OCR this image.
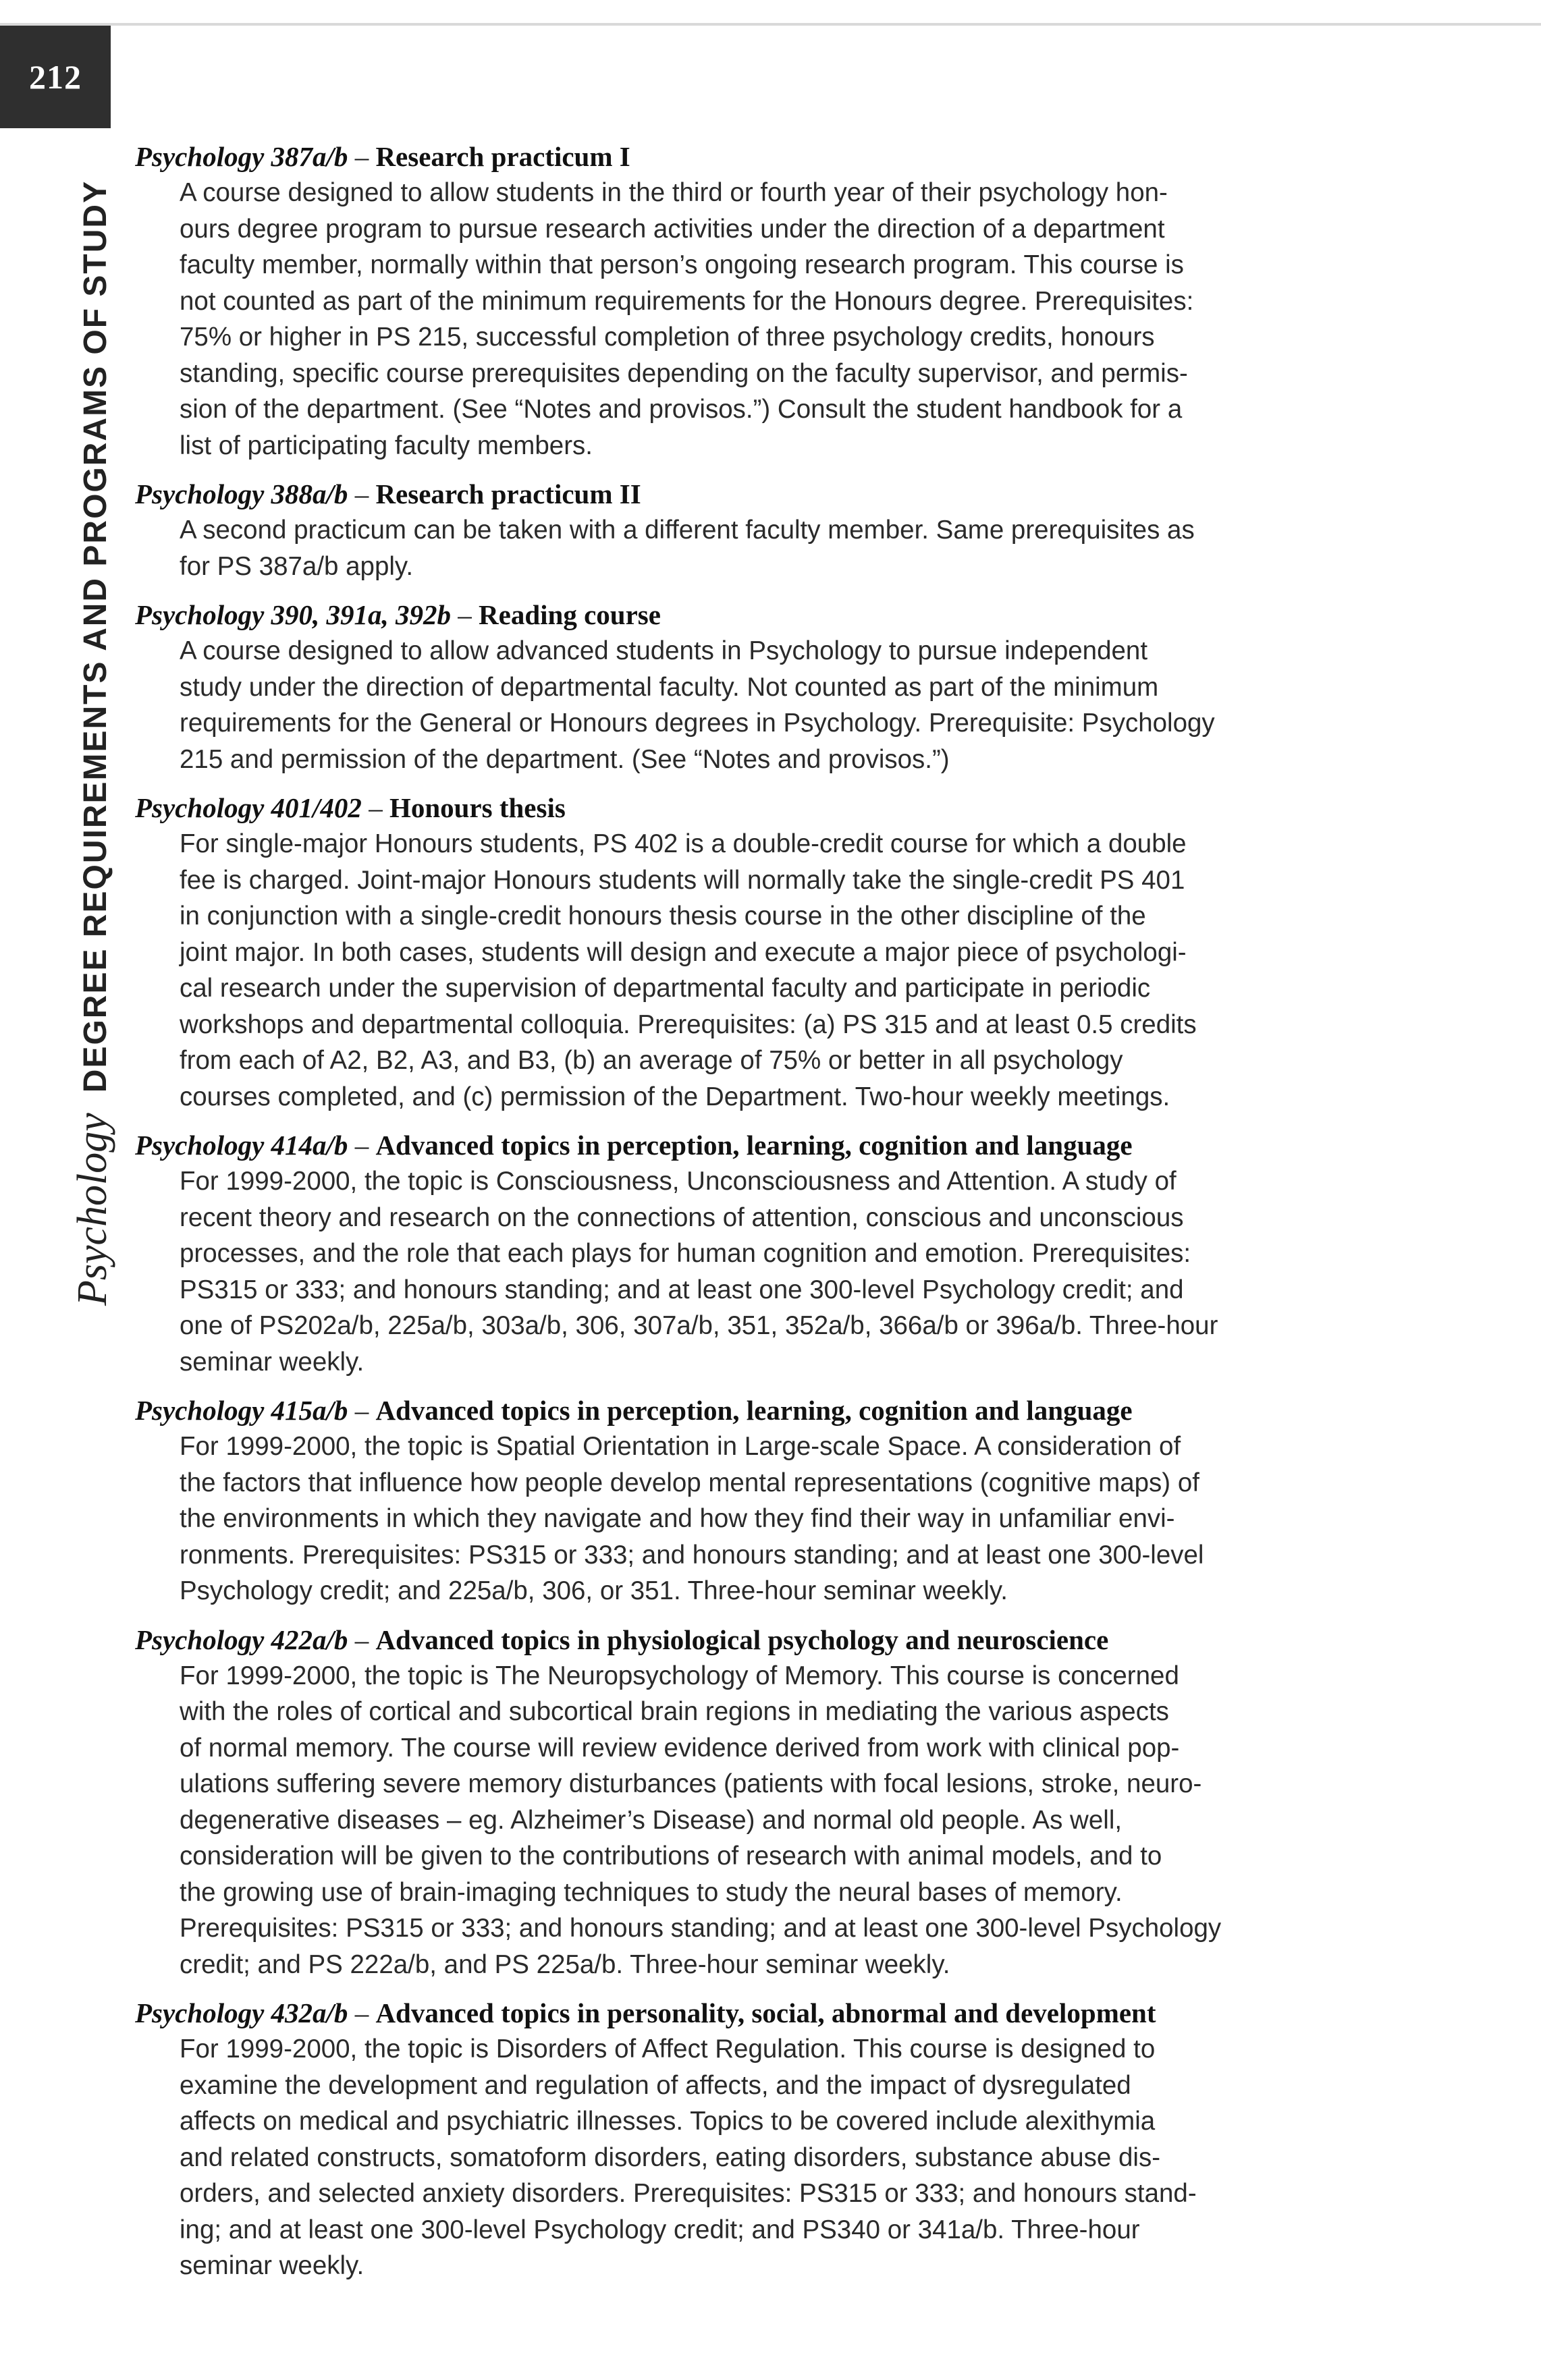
212
PsychologyDEGREE REQUIREMENTS AND PROGRAMS OF STUDY
Psychology 387a/b – Research practicum I
A course designed to allow students in the third or fourth year of their psychology hon-
ours degree program to pursue research activities under the direction of a department
faculty member, normally within that person’s ongoing research program. This course is
not counted as part of the minimum requirements for the Honours degree. Prerequisites:
75% or higher in PS 215, successful completion of three psychology credits, honours
standing, specific course prerequisites depending on the faculty supervisor, and permis-
sion of the department. (See “Notes and provisos.”) Consult the student handbook for a
list of participating faculty members.
Psychology 388a/b – Research practicum II
A second practicum can be taken with a different faculty member. Same prerequisites as
for PS 387a/b apply.
Psychology 390, 391a, 392b – Reading course
A course designed to allow advanced students in Psychology to pursue independent
study under the direction of departmental faculty. Not counted as part of the minimum
requirements for the General or Honours degrees in Psychology. Prerequisite: Psychology
215 and permission of the department. (See “Notes and provisos.”)
Psychology 401/402 – Honours thesis
For single-major Honours students, PS 402 is a double-credit course for which a double
fee is charged. Joint-major Honours students will normally take the single-credit PS 401
in conjunction with a single-credit honours thesis course in the other discipline of the
joint major. In both cases, students will design and execute a major piece of psychologi-
cal research under the supervision of departmental faculty and participate in periodic
workshops and departmental colloquia. Prerequisites: (a) PS 315 and at least 0.5 credits
from each of A2, B2, A3, and B3, (b) an average of 75% or better in all psychology
courses completed, and (c) permission of the Department. Two-hour weekly meetings.
Psychology 414a/b – Advanced topics in perception, learning, cognition and language
For 1999-2000, the topic is Consciousness, Unconsciousness and Attention. A study of
recent theory and research on the connections of attention, conscious and unconscious
processes, and the role that each plays for human cognition and emotion. Prerequisites:
PS315 or 333; and honours standing; and at least one 300-level Psychology credit; and
one of PS202a/b, 225a/b, 303a/b, 306, 307a/b, 351, 352a/b, 366a/b or 396a/b. Three-hour
seminar weekly.
Psychology 415a/b – Advanced topics in perception, learning, cognition and language
For 1999-2000, the topic is Spatial Orientation in Large-scale Space. A consideration of
the factors that influence how people develop mental representations (cognitive maps) of
the environments in which they navigate and how they find their way in unfamiliar envi-
ronments. Prerequisites: PS315 or 333; and honours standing; and at least one 300-level
Psychology credit; and 225a/b, 306, or 351. Three-hour seminar weekly.
Psychology 422a/b – Advanced topics in physiological psychology and neuroscience
For 1999-2000, the topic is The Neuropsychology of Memory. This course is concerned
with the roles of cortical and subcortical brain regions in mediating the various aspects
of normal memory. The course will review evidence derived from work with clinical pop-
ulations suffering severe memory disturbances (patients with focal lesions, stroke, neuro-
degenerative diseases – eg. Alzheimer’s Disease) and normal old people. As well,
consideration will be given to the contributions of research with animal models, and to
the growing use of brain-imaging techniques to study the neural bases of memory.
Prerequisites: PS315 or 333; and honours standing; and at least one 300-level Psychology
credit; and PS 222a/b, and PS 225a/b. Three-hour seminar weekly.
Psychology 432a/b – Advanced topics in personality, social, abnormal and development
For 1999-2000, the topic is Disorders of Affect Regulation. This course is designed to
examine the development and regulation of affects, and the impact of dysregulated
affects on medical and psychiatric illnesses. Topics to be covered include alexithymia
and related constructs, somatoform disorders, eating disorders, substance abuse dis-
orders, and selected anxiety disorders. Prerequisites: PS315 or 333; and honours stand-
ing; and at least one 300-level Psychology credit; and PS340 or 341a/b. Three-hour
seminar weekly.
